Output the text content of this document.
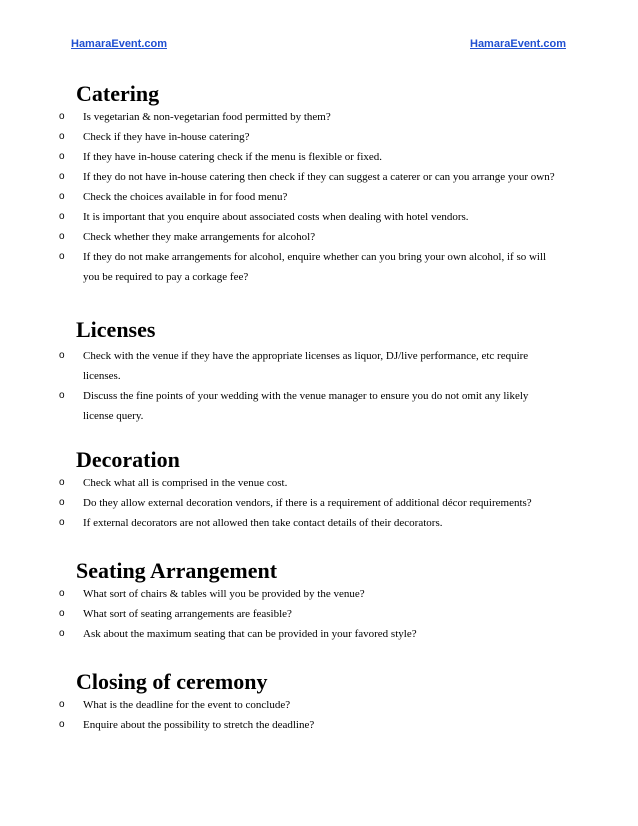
HamaraEvent.com	HamaraEvent.com
Catering
o Is vegetarian & non-vegetarian food permitted by them?
o Check if they have in-house catering?
o If they have in-house catering check if the menu is flexible or fixed.
o If they do not have in-house catering then check if they can suggest a caterer or can you arrange your own?
o Check the choices available in for food menu?
o It is important that you enquire about associated costs when dealing with hotel vendors.
o Check whether they make arrangements for alcohol?
o If they do not make arrangements for alcohol, enquire whether can you bring your own alcohol, if so will you be required to pay a corkage fee?
Licenses
o Check with the venue if they have the appropriate licenses as liquor, DJ/live performance, etc require licenses.
o Discuss the fine points of your wedding with the venue manager to ensure you do not omit any likely license query.
Decoration
o Check what all is comprised in the venue cost.
o Do they allow external decoration vendors, if there is a requirement of additional décor requirements?
o If external decorators are not allowed then take contact details of their decorators.
Seating Arrangement
o What sort of chairs & tables will you be provided by the venue?
o What sort of seating arrangements are feasible?
o Ask about the maximum seating that can be provided in your favored style?
Closing of ceremony
o What is the deadline for the event to conclude?
o Enquire about the possibility to stretch the deadline?
